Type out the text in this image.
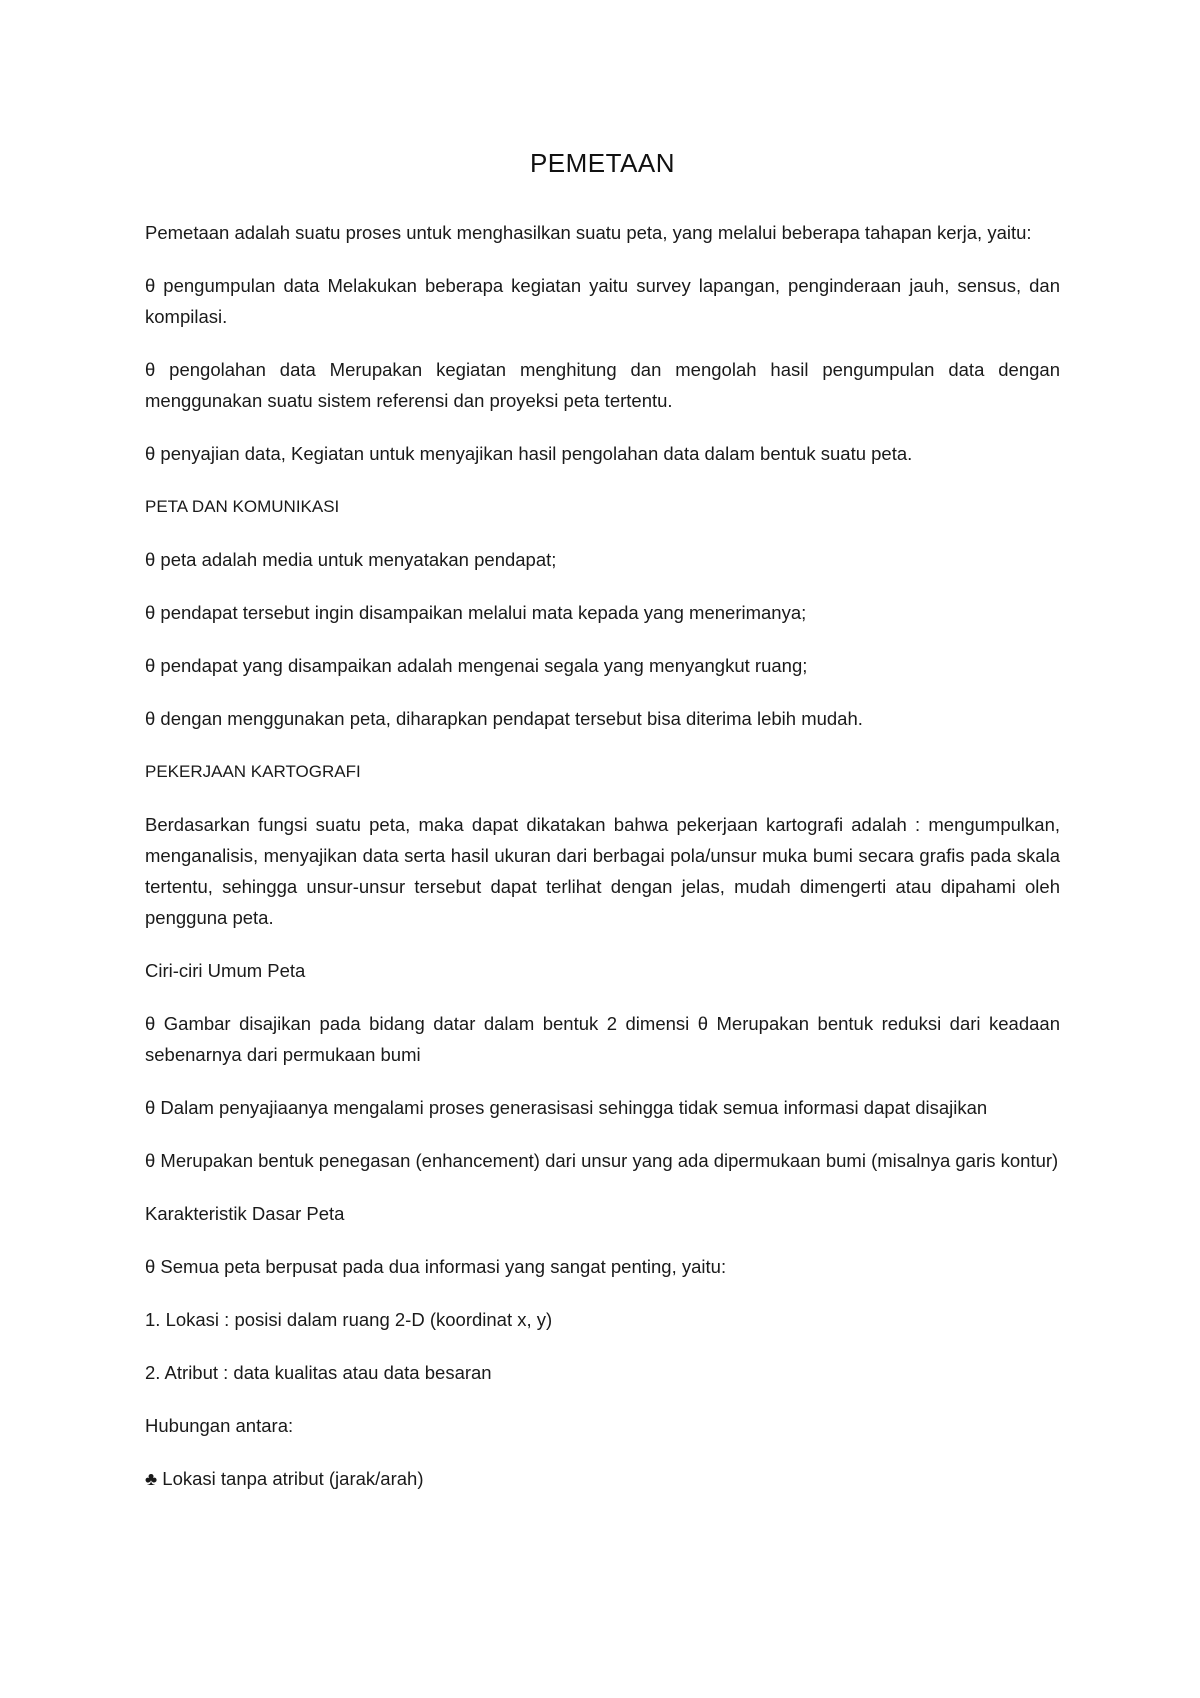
PEMETAAN

Pemetaan adalah suatu proses untuk menghasilkan suatu peta, yang melalui beberapa tahapan kerja, yaitu:

θ pengumpulan data Melakukan beberapa kegiatan yaitu survey lapangan, penginderaan jauh, sensus, dan kompilasi.

θ pengolahan data Merupakan kegiatan menghitung dan mengolah hasil pengumpulan data dengan menggunakan suatu sistem referensi dan proyeksi peta tertentu.

θ penyajian data, Kegiatan untuk menyajikan hasil pengolahan data dalam bentuk suatu peta.

PETA DAN KOMUNIKASI

θ peta adalah media untuk menyatakan pendapat;

θ pendapat tersebut ingin disampaikan melalui mata kepada yang menerimanya;

θ pendapat yang disampaikan adalah mengenai segala yang menyangkut ruang;

θ dengan menggunakan peta, diharapkan pendapat tersebut bisa diterima lebih mudah.

PEKERJAAN KARTOGRAFI

Berdasarkan fungsi suatu peta, maka dapat dikatakan bahwa pekerjaan kartografi adalah : mengumpulkan, menganalisis, menyajikan data serta hasil ukuran dari berbagai pola/unsur muka bumi secara grafis pada skala tertentu, sehingga unsur-unsur tersebut dapat terlihat dengan jelas, mudah dimengerti atau dipahami oleh pengguna peta.

Ciri-ciri Umum Peta

θ Gambar disajikan pada bidang datar dalam bentuk 2 dimensi θ Merupakan bentuk reduksi dari keadaan sebenarnya dari permukaan bumi

θ Dalam penyajiaanya mengalami proses generasisasi sehingga tidak semua informasi dapat disajikan

θ Merupakan bentuk penegasan (enhancement) dari unsur yang ada dipermukaan bumi (misalnya garis kontur)

Karakteristik Dasar Peta

θ Semua peta berpusat pada dua informasi yang sangat penting, yaitu:

1. Lokasi : posisi dalam ruang 2-D (koordinat x, y)

2. Atribut : data kualitas atau data besaran

Hubungan antara:

♣ Lokasi tanpa atribut (jarak/arah)
